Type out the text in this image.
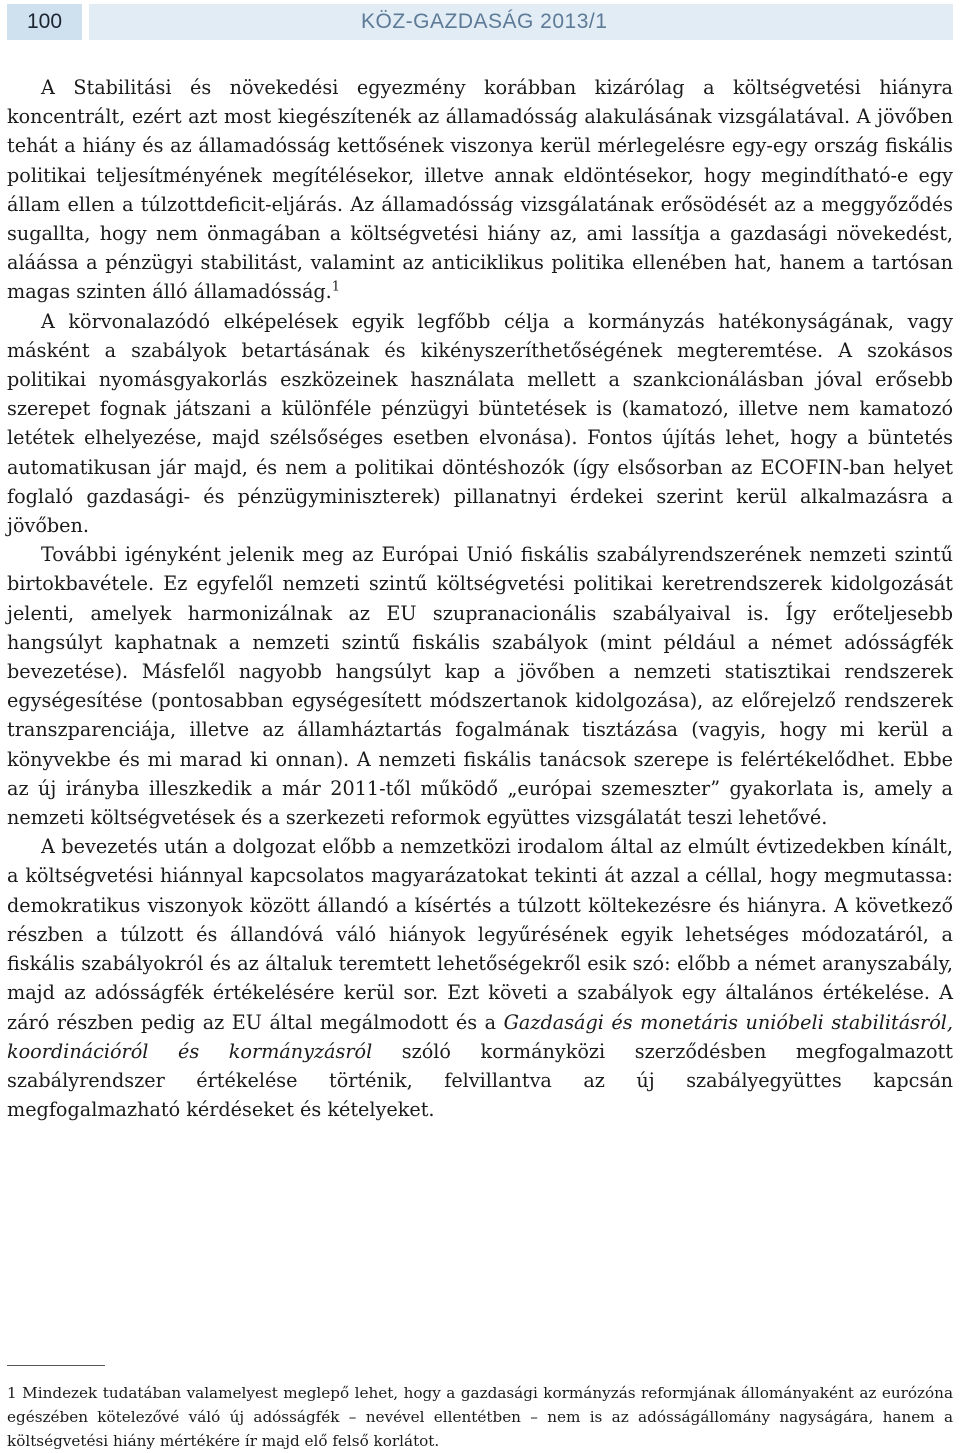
100	KÖZ-GAZDASÁG 2013/1

A Stabilitási és növekedési egyezmény korábban kizárólag a költségvetési hiányra koncentrált, ezért azt most kiegészítenék az államadósság alakulásának vizsgálatával. A jövőben tehát a hiány és az államadósság kettősének viszonya kerül mérlegelésre egy-egy ország fiskális politikai teljesítményének megítélésekor, illetve annak eldöntésekor, hogy megindítható-e egy állam ellen a túlzottdeficit-eljárás. Az államadósság vizsgálatának erősödését az a meggyőződés sugallta, hogy nem önmagában a költségvetési hiány az, ami lassítja a gazdasági növekedést, aláássa a pénzügyi stabilitást, valamint az anticiklikus politika ellenében hat, hanem a tartósan magas szinten álló államadósság.$^1$

A körvonalazódó elképelések egyik legfőbb célja a kormányzás hatékonyságának, vagy másként a szabályok betartásának és kikényszeríthetőségének megteremtése. A szokásos politikai nyomásgyakorlás eszközeinek használata mellett a szankcionálásban jóval erősebb szerepet fognak játszani a különféle pénzügyi büntetések is (kamatozó, illetve nem kamatozó letétek elhelyezése, majd szélsőséges esetben elvonása). Fontos újítás lehet, hogy a büntetés automatikusan jár majd, és nem a politikai döntéshozók (így elsősorban az ECOFIN-ban helyet foglaló gazdasági- és pénzügyminiszterek) pillanatnyi érdekei szerint kerül alkalmazásra a jövőben.

További igényként jelenik meg az Európai Unió fiskális szabályrendszerének nemzeti szintű birtokbavétele. Ez egyfelől nemzeti szintű költségvetési politikai keretrendszerek kidolgozását jelenti, amelyek harmonizálnak az EU szupranacionális szabályaival is. Így erőteljesebb hangsúlyt kaphatnak a nemzeti szintű fiskális szabályok (mint például a német adósságfék bevezetése). Másfelől nagyobb hangsúlyt kap a jövőben a nemzeti statisztikai rendszerek egységesítése (pontosabban egységesített módszertanok kidolgozása), az előrejelző rendszerek transzparenciája, illetve az államháztartás fogalmának tisztázása (vagyis, hogy mi kerül a könyvekbe és mi marad ki onnan). A nemzeti fiskális tanácsok szerepe is felértékelődhet. Ebbe az új irányba illeszkedik a már 2011-től működő „európai szemeszter” gyakorlata is, amely a nemzeti költségvetések és a szerkezeti reformok együttes vizsgálatát teszi lehetővé.

A bevezetés után a dolgozat előbb a nemzetközi irodalom által az elmúlt évtizedekben kínált, a költségvetési hiánnyal kapcsolatos magyarázatokat tekinti át azzal a céllal, hogy megmutassa: demokratikus viszonyok között állandó a kísértés a túlzott költekezésre és hiányra. A következő részben a túlzott és állandóvá váló hiányok legyűrésének egyik lehetséges módozatáról, a fiskális szabályokról és az általuk teremtett lehetőségekről esik szó: előbb a német aranyszabály, majd az adósságfék értékelésére kerül sor. Ezt követi a szabályok egy általános értékelése. A záró részben pedig az EU által megálmodott és a Gazdasági és monetáris unióbeli stabilitásról, koordinációról és kormányzásról szóló kormányközi szerződésben megfogalmazott szabályrendszer értékelése történik, felvillantva az új szabályegyüttes kapcsán megfogalmazható kérdéseket és kételyeket.

1 Mindezek tudatában valamelyest meglepő lehet, hogy a gazdasági kormányzás reformjának állományaként az eurózóna egészében kötelezővé váló új adósságfék – nevével ellentétben – nem is az adósságállomány nagyságára, hanem a költségvetési hiány mértékére ír majd elő felső korlátot.
